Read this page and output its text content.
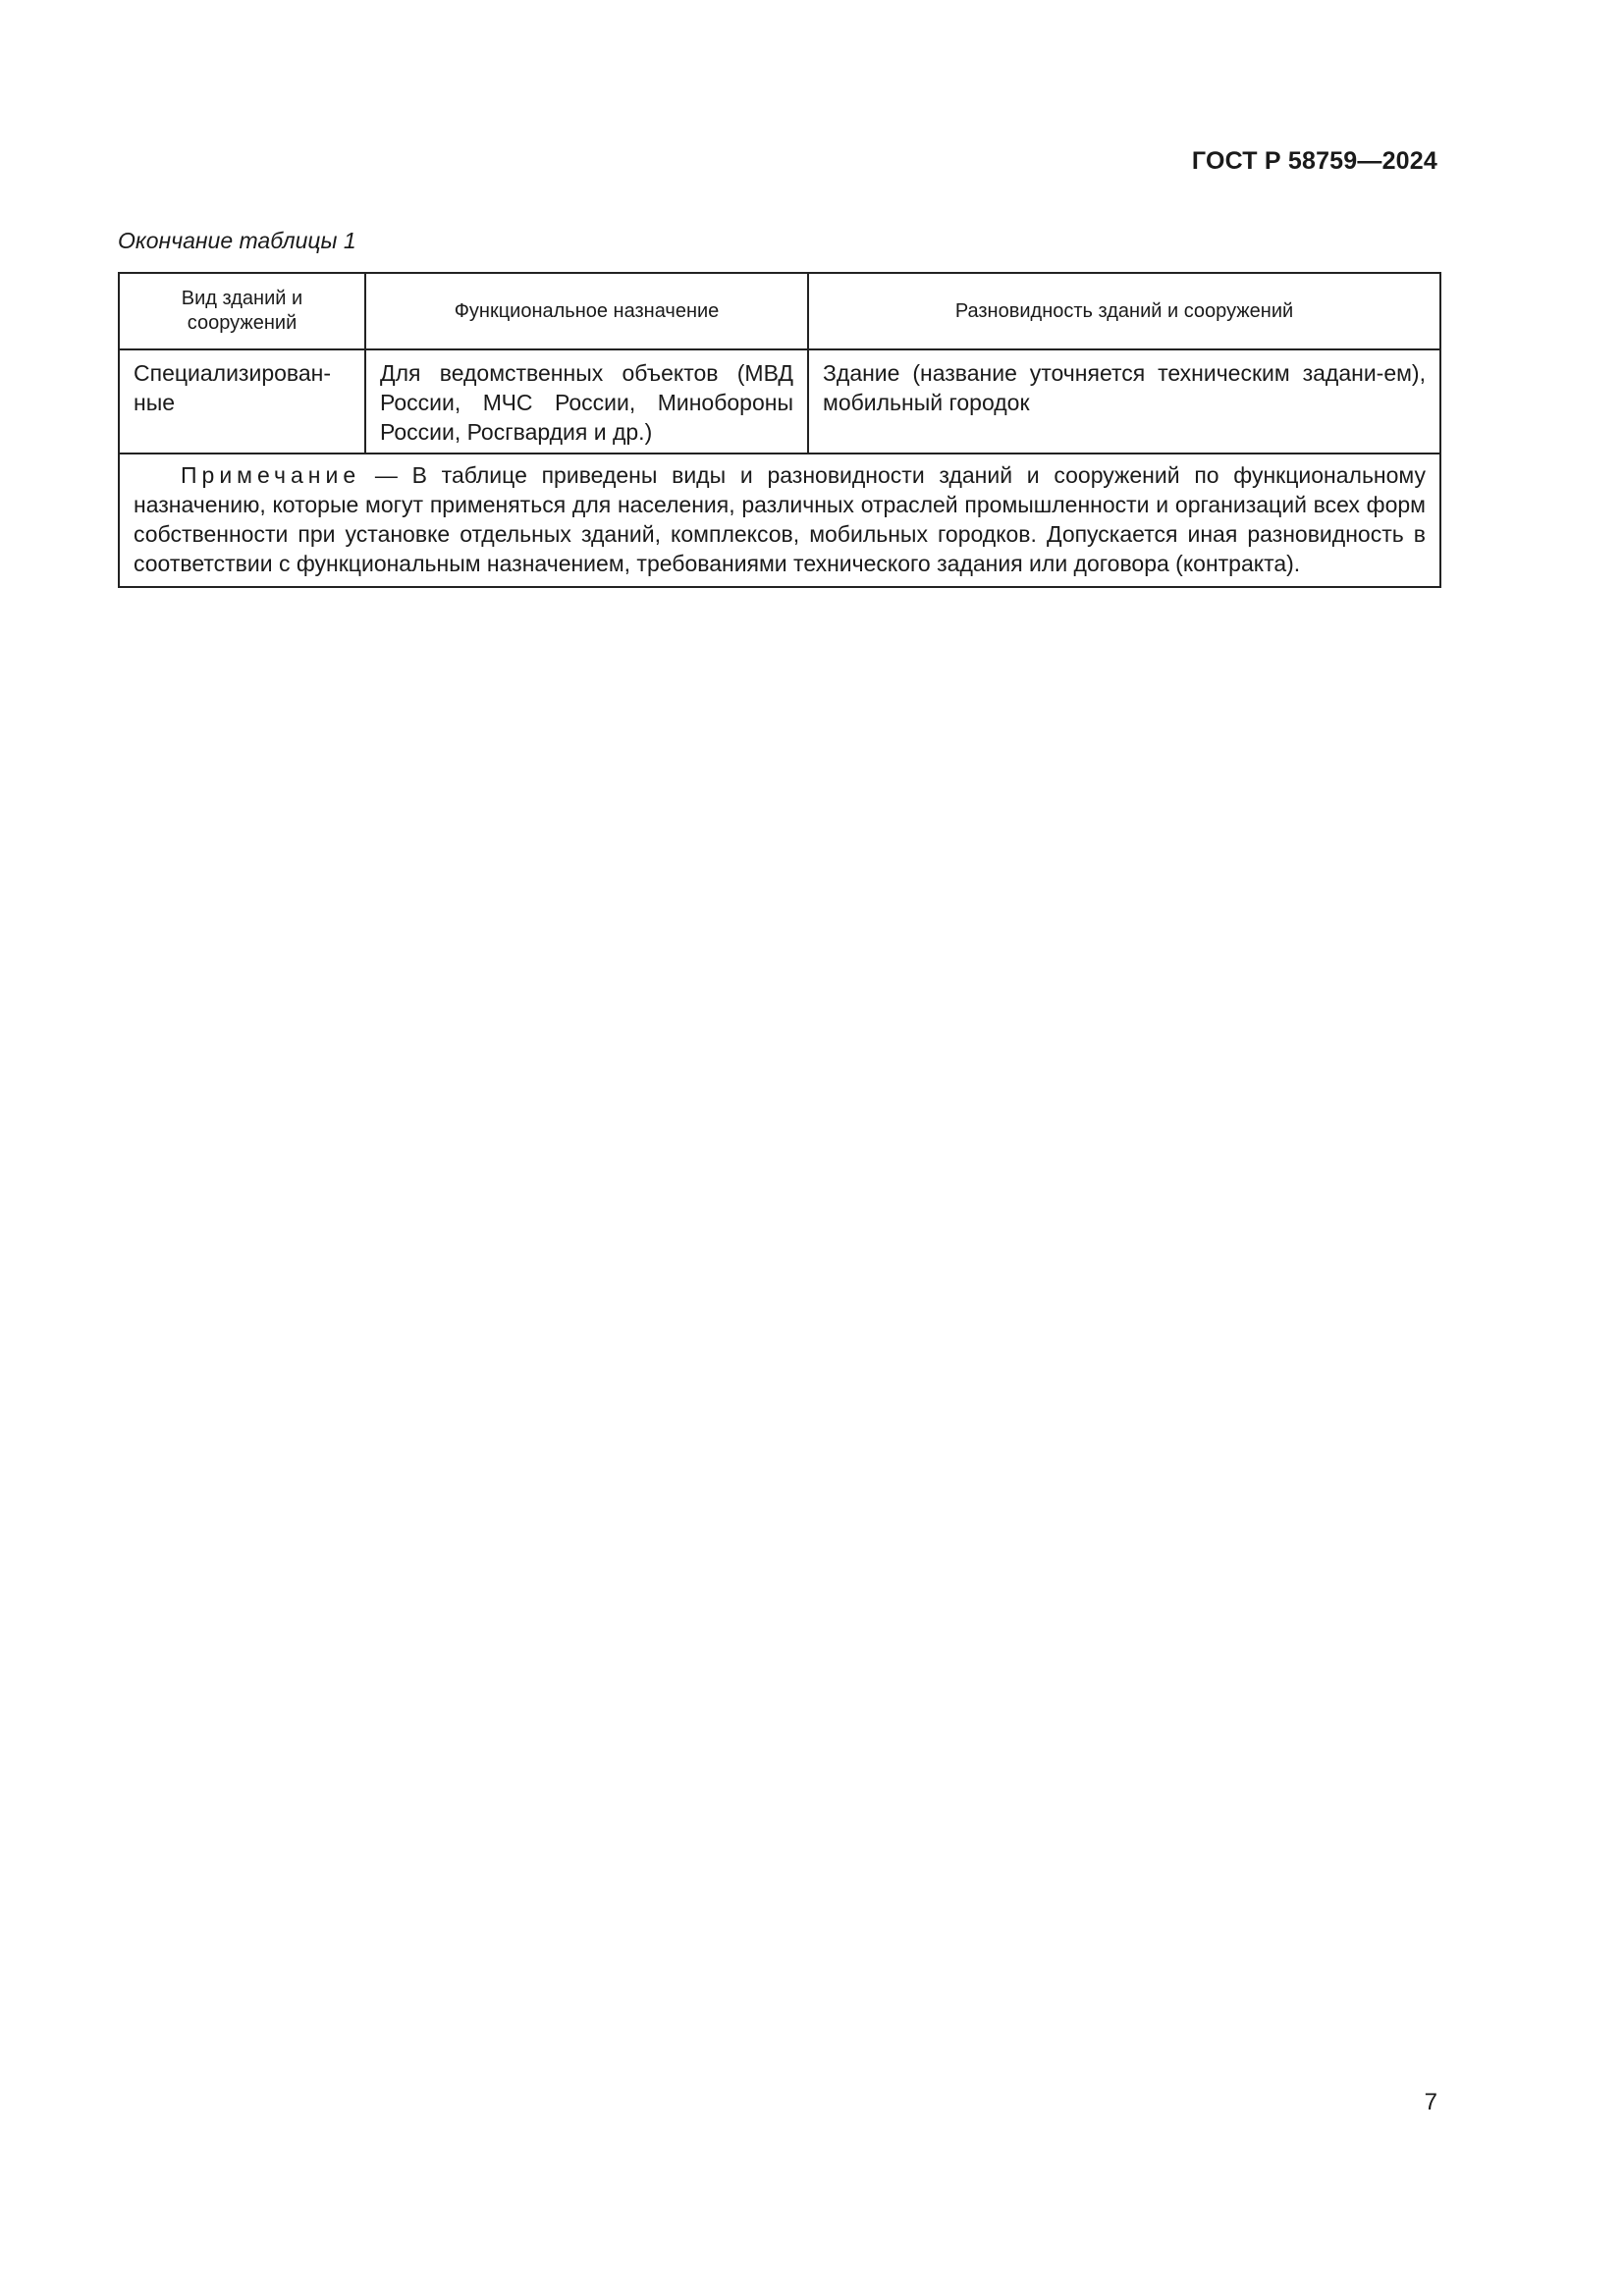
ГОСТ Р 58759—2024
Окончание таблицы 1
Вид зданий и сооружений	Функциональное назначение	Разновидность зданий и сооружений
Специализирован-ные	Для ведомственных объектов (МВД России, МЧС России, Минобороны России, Росгвардия и др.)	Здание (название уточняется техническим задани-ем), мобильный городок
Примечание — В таблице приведены виды и разновидности зданий и сооружений по функциональному назначению, которые могут применяться для населения, различных отраслей промышленности и организаций всех форм собственности при установке отдельных зданий, комплексов, мобильных городков. Допускается иная разновидность в соответствии с функциональным назначением, требованиями технического задания или договора (контракта).		
7
